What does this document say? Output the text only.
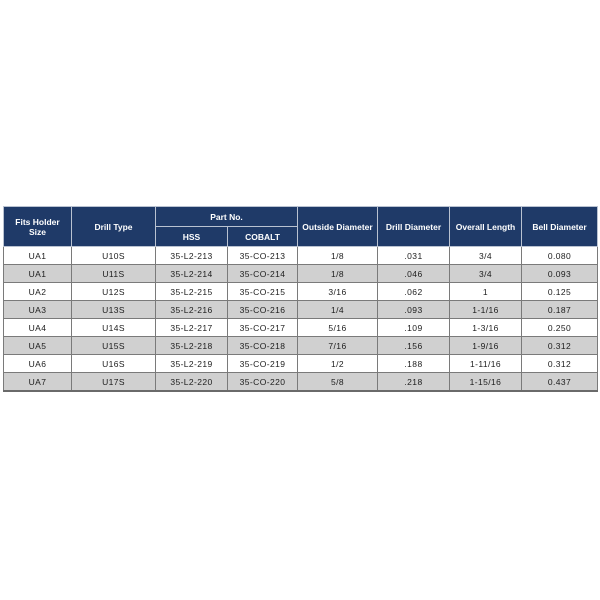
Fits Holder Size	Drill Type	Part No.		Outside Diameter	Drill Diameter	Overall Length	Bell Diameter
		HSS	COBALT				
UA1	U10S	35-L2-213	35-CO-213	1/8	.031	3/4	0.080
UA1	U11S	35-L2-214	35-CO-214	1/8	.046	3/4	0.093
UA2	U12S	35-L2-215	35-CO-215	3/16	.062	1	0.125
UA3	U13S	35-L2-216	35-CO-216	1/4	.093	1-1/16	0.187
UA4	U14S	35-L2-217	35-CO-217	5/16	.109	1-3/16	0.250
UA5	U15S	35-L2-218	35-CO-218	7/16	.156	1-9/16	0.312
UA6	U16S	35-L2-219	35-CO-219	1/2	.188	1-11/16	0.312
UA7	U17S	35-L2-220	35-CO-220	5/8	.218	1-15/16	0.437
